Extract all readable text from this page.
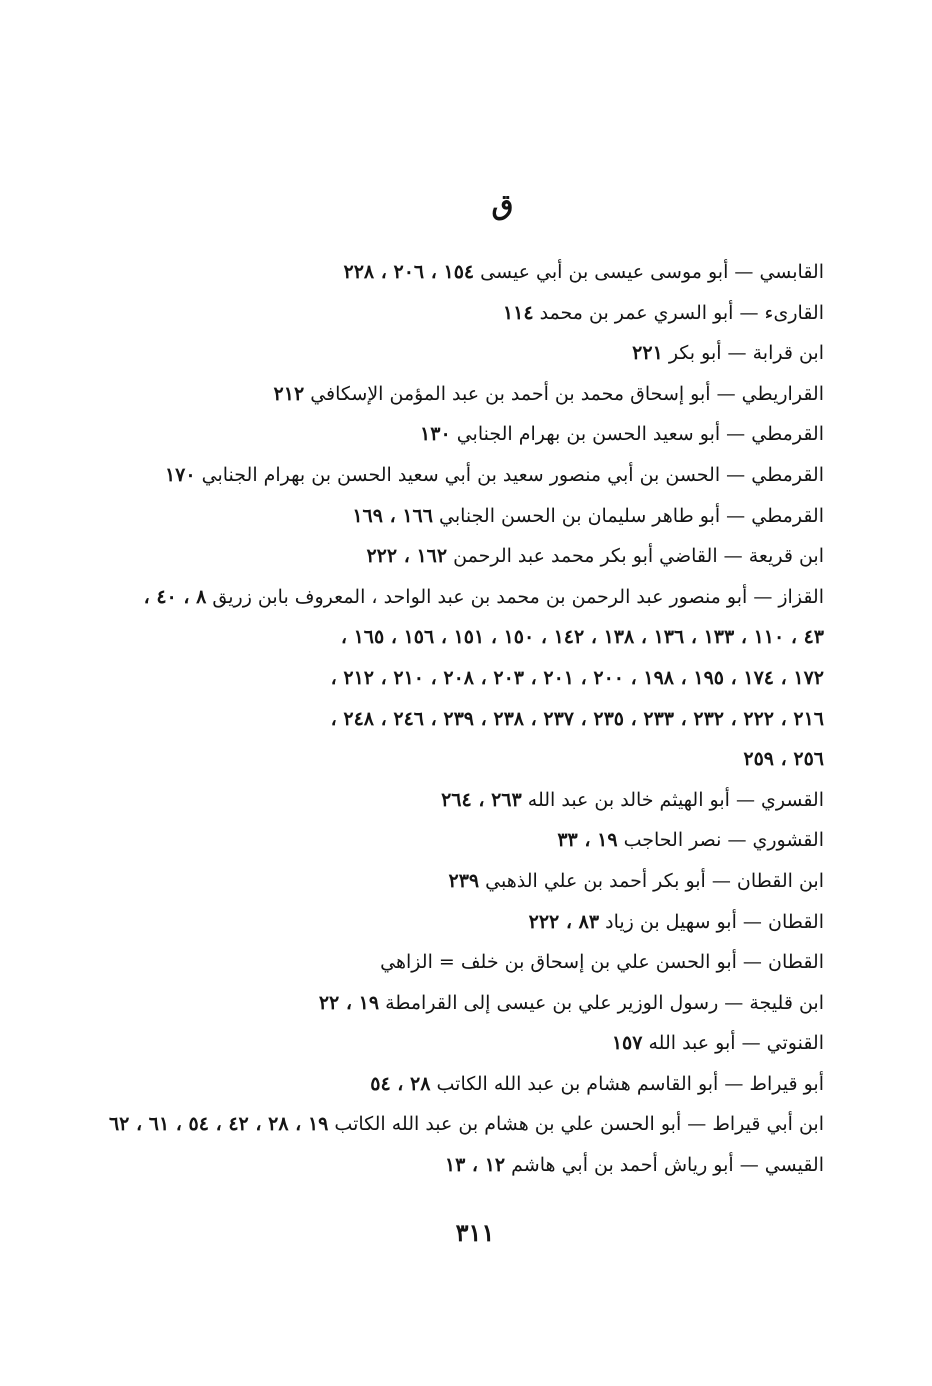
ق
القابسي — أبو موسى عيسى بن أبي عيسى ١٥٤ ، ٢٠٦ ، ٢٢٨
القارىء — أبو السري عمر بن محمد ١١٤
ابن قرابة — أبو بكر ٢٢١
القراريطي — أبو إسحاق محمد بن أحمد بن عبد المؤمن الإسكافي ٢١٢
القرمطي — أبو سعيد الحسن بن بهرام الجنابي ١٣٠
القرمطي — الحسن بن أبي منصور سعيد بن أبي سعيد الحسن بن بهرام الجنابي ١٧٠
القرمطي — أبو طاهر سليمان بن الحسن الجنابي ١٦٦ ، ١٦٩
ابن قريعة — القاضي أبو بكر محمد عبد الرحمن ١٦٢ ، ٢٢٢
القزاز — أبو منصور عبد الرحمن بن محمد بن عبد الواحد ، المعروف بابن زريق ٨ ، ٤٠ ،
٤٣ ، ١١٠ ، ١٣٣ ، ١٣٦ ، ١٣٨ ، ١٤٢ ، ١٥٠ ، ١٥١ ، ١٥٦ ، ١٦٥ ،
١٧٢ ، ١٧٤ ، ١٩٥ ، ١٩٨ ، ٢٠٠ ، ٢٠١ ، ٢٠٣ ، ٢٠٨ ، ٢١٠ ، ٢١٢ ،
٢١٦ ، ٢٢٢ ، ٢٣٢ ، ٢٣٣ ، ٢٣٥ ، ٢٣٧ ، ٢٣٨ ، ٢٣٩ ، ٢٤٦ ، ٢٤٨ ،
٢٥٦ ، ٢٥٩
القسري — أبو الهيثم خالد بن عبد الله ٢٦٣ ، ٢٦٤
القشوري — نصر الحاجب ١٩ ، ٣٣
ابن القطان — أبو بكر أحمد بن علي الذهبي ٢٣٩
القطان — أبو سهيل بن زياد ٨٣ ، ٢٢٢
القطان — أبو الحسن علي بن إسحاق بن خلف = الزاهي
ابن قليجة — رسول الوزير علي بن عيسى إلى القرامطة ١٩ ، ٢٢
القنوتي — أبو عبد الله ١٥٧
أبو قيراط — أبو القاسم هشام بن عبد الله الكاتب ٢٨ ، ٥٤
ابن أبي قيراط — أبو الحسن علي بن هشام بن عبد الله الكاتب ١٩ ، ٢٨ ، ٤٢ ، ٥٤ ، ٦١ ، ٦٢
القيسي — أبو رياش أحمد بن أبي هاشم ١٢ ، ١٣
٣١١
